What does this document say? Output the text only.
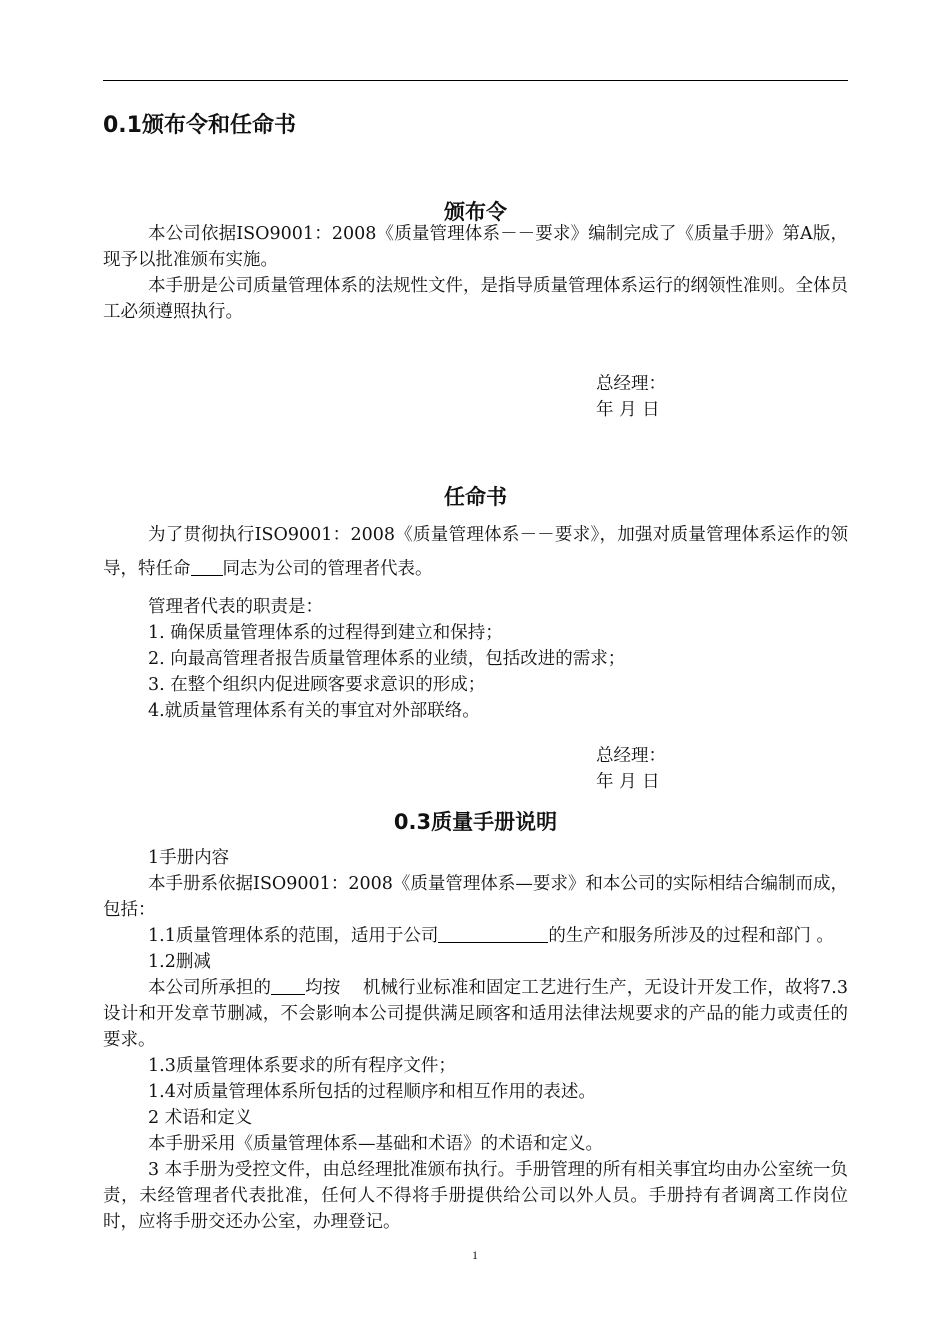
0.1颁布令和任命书
颁布令

本公司依据ISO9001：2008《质量管理体系－－要求》编制完成了《质量手册》第A版，现予以批准颁布实施。

本手册是公司质量管理体系的法规性文件，是指导质量管理体系运行的纲领性准则。全体员工必须遵照执行。

总经理：
年 月 日
任命书

为了贯彻执行ISO9001：2008《质量管理体系－－要求》，加强对质量管理体系运作的领导，特任命 同志为公司的管理者代表。

管理者代表的职责是：

1. 确保质量管理体系的过程得到建立和保持；

2. 向最高管理者报告质量管理体系的业绩，包括改进的需求；

3. 在整个组织内促进顾客要求意识的形成；

4.就质量管理体系有关的事宜对外部联络。

总经理：
年 月 日
0.3质量手册说明

1手册内容

本手册系依据ISO9001：2008《质量管理体系—要求》和本公司的实际相结合编制而成，包括：

1.1质量管理体系的范围，适用于公司	的生产和服务所涉及的过程和部门 。

1.2删减

本公司所承担的 均按 机械行业标准和固定工艺进行生产，无设计开发工作，故将7.3设计和开发章节删减，不会影响本公司提供满足顾客和适用法律法规要求的产品的能力或责任的要求。

1.3质量管理体系要求的所有程序文件；

1.4对质量管理体系所包括的过程顺序和相互作用的表述。

2 术语和定义

本手册采用《质量管理体系—基础和术语》的术语和定义。

3 本手册为受控文件，由总经理批准颁布执行。手册管理的所有相关事宜均由办公室统一负责，未经管理者代表批准，任何人不得将手册提供给公司以外人员。手册持有者调离工作岗位时，应将手册交还办公室，办理登记。

1
